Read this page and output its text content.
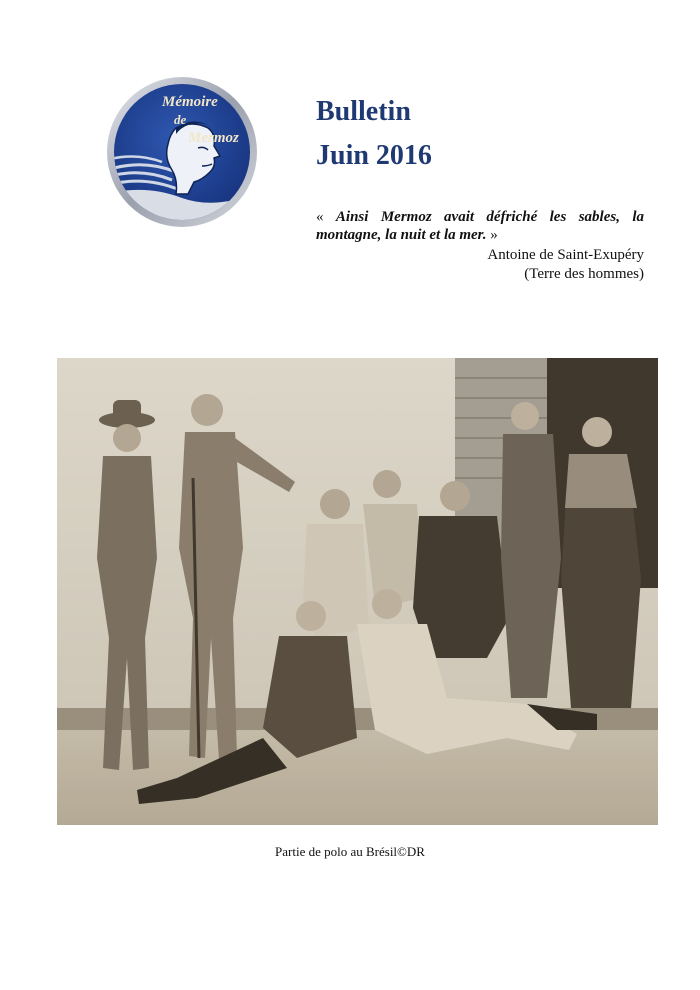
Mémoire
de
Mermoz
Bulletin
Juin 2016
« Ainsi Mermoz avait défriché les sables, la montagne, la nuit et la mer. »
Antoine de Saint-Exupéry
(Terre des hommes)
Partie de polo au Brésil©DR
